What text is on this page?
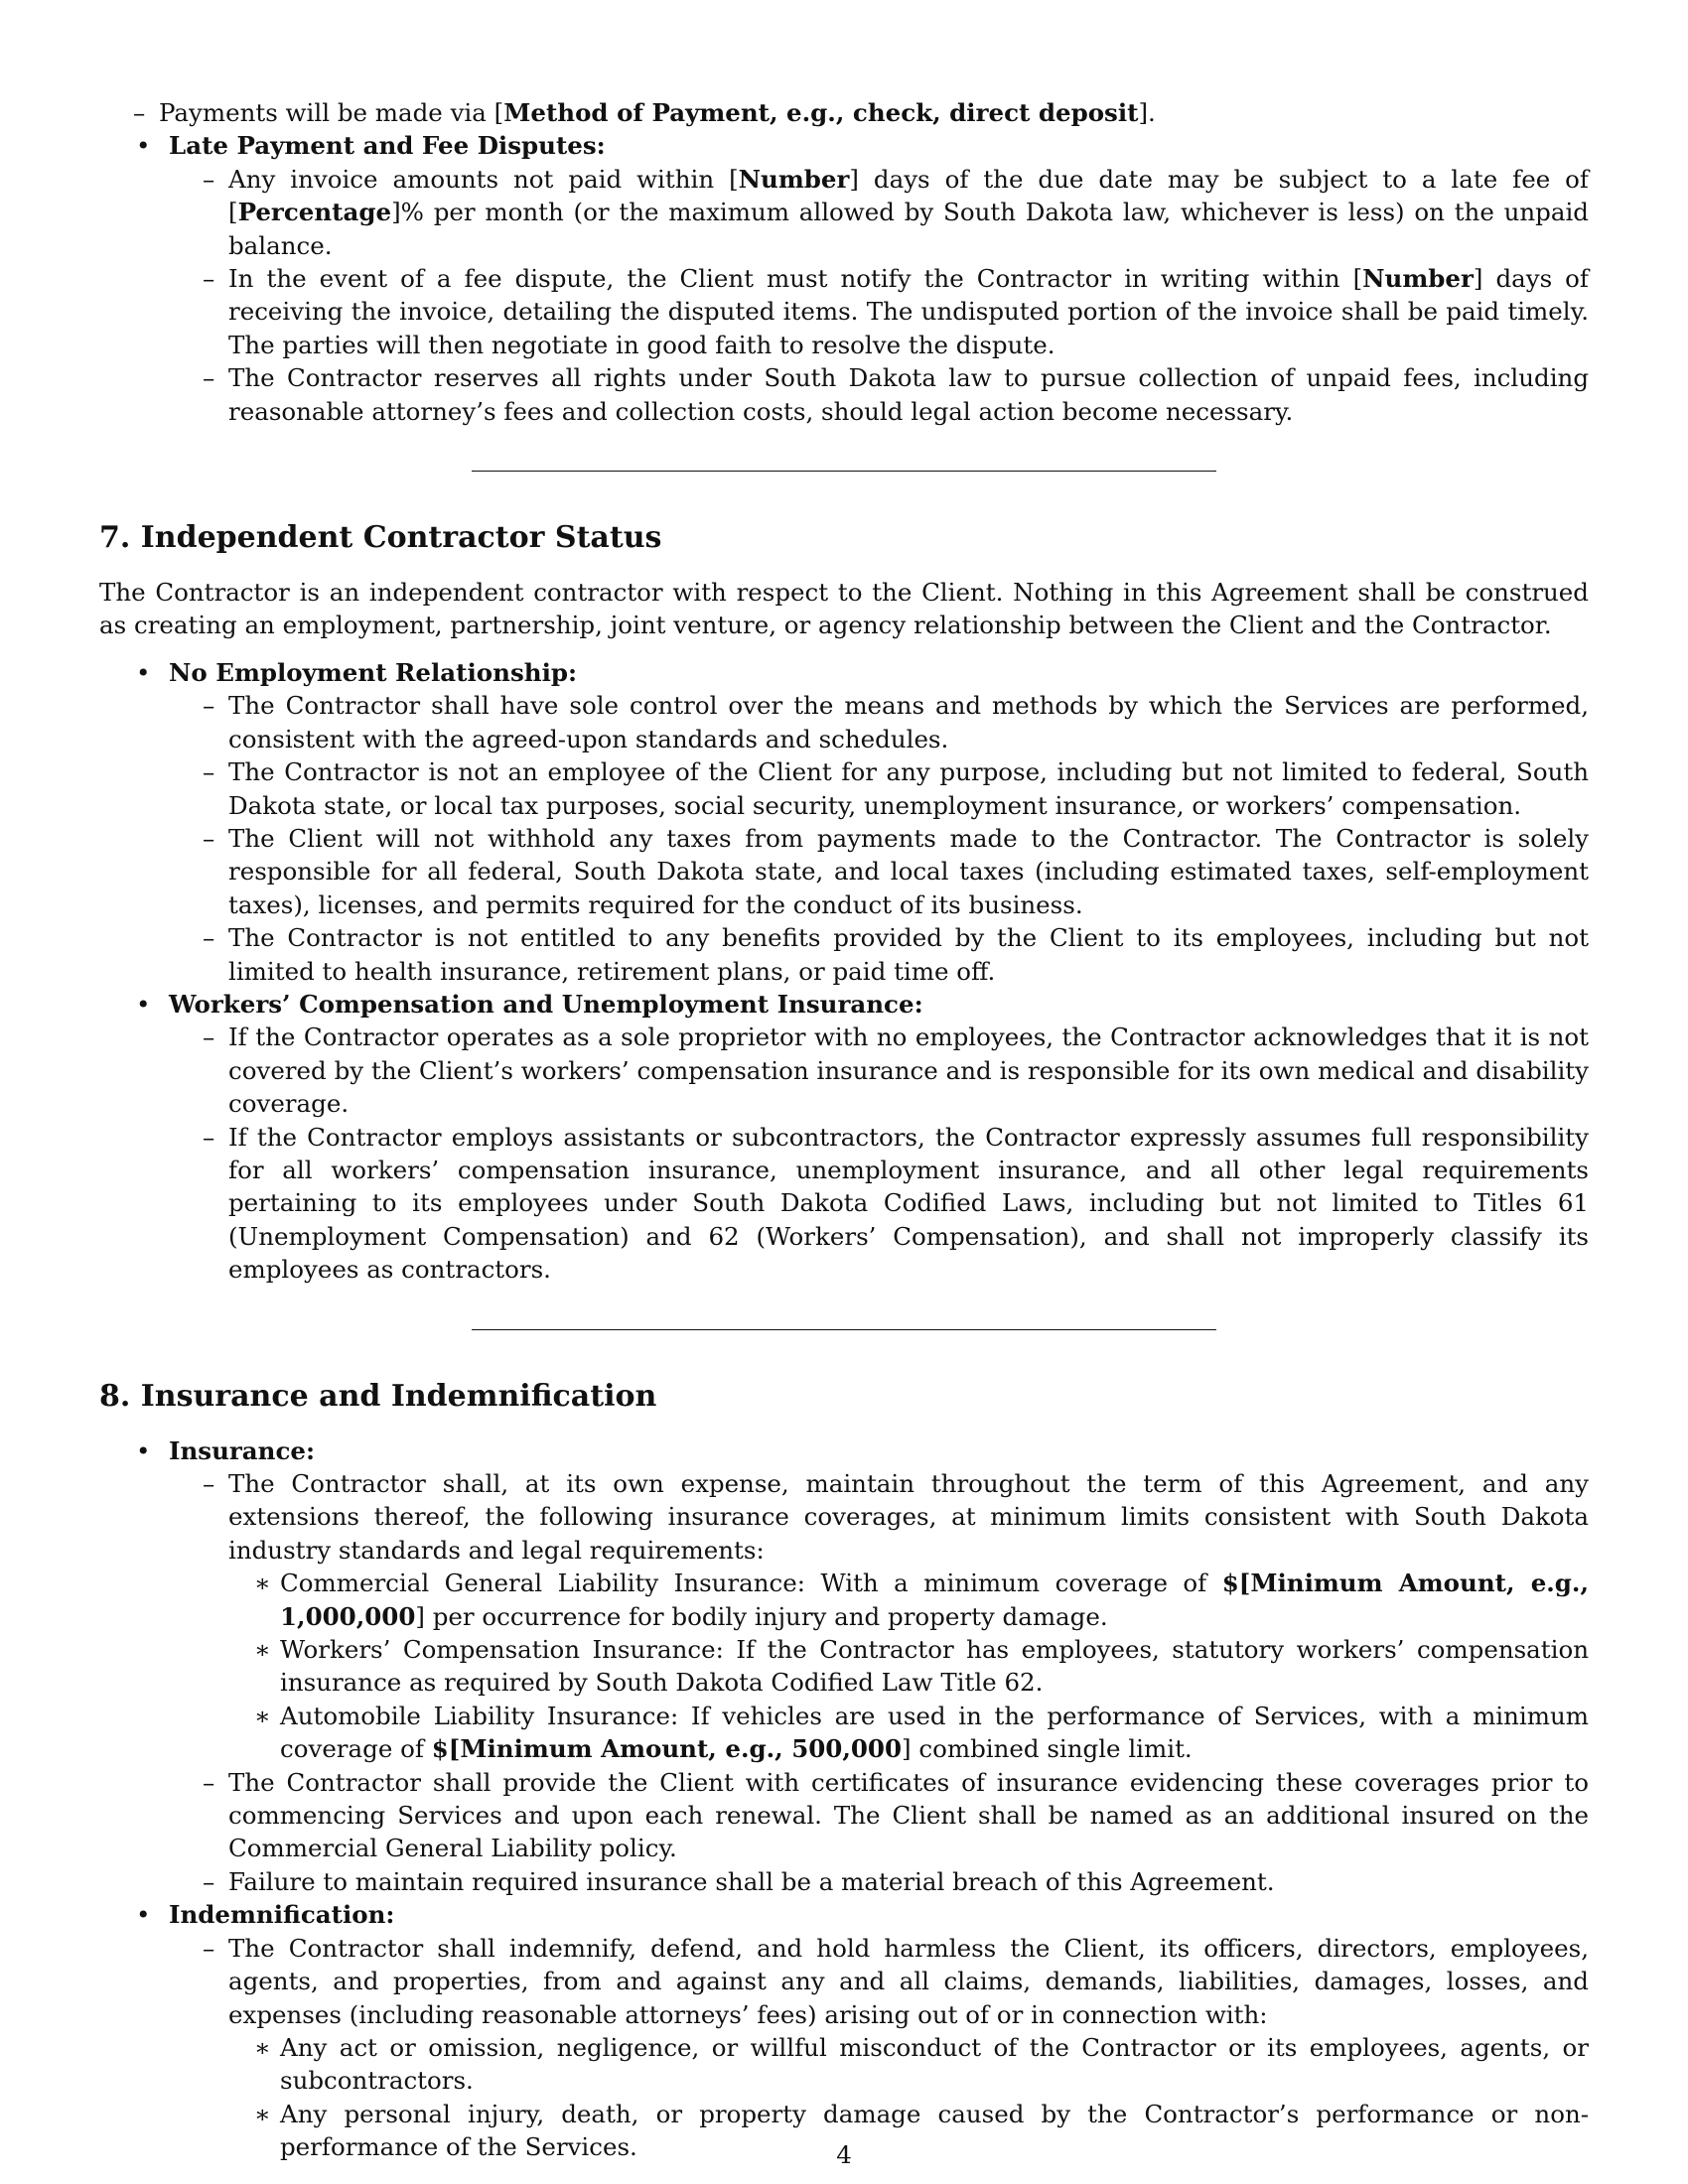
– Payments will be made via [Method of Payment, e.g., check, direct deposit].
• Late Payment and Fee Disputes:
– Any invoice amounts not paid within [Number] days of the due date may be subject to a late fee of [Percentage]% per month (or the maximum allowed by South Dakota law, whichever is less) on the unpaid balance.
– In the event of a fee dispute, the Client must notify the Contractor in writing within [Number] days of receiving the invoice, detailing the disputed items. The undisputed portion of the invoice shall be paid timely. The parties will then negotiate in good faith to resolve the dispute.
– The Contractor reserves all rights under South Dakota law to pursue collection of unpaid fees, including reasonable attorney’s fees and collection costs, should legal action become necessary.
7. Independent Contractor Status

The Contractor is an independent contractor with respect to the Client. Nothing in this Agreement shall be construed as creating an employment, partnership, joint venture, or agency relationship between the Client and the Contractor.

• No Employment Relationship:
– The Contractor shall have sole control over the means and methods by which the Services are performed, consistent with the agreed-upon standards and schedules.
– The Contractor is not an employee of the Client for any purpose, including but not limited to federal, South Dakota state, or local tax purposes, social security, unemployment insurance, or workers’ compensation.
– The Client will not withhold any taxes from payments made to the Contractor. The Contractor is solely responsible for all federal, South Dakota state, and local taxes (including estimated taxes, self-employment taxes), licenses, and permits required for the conduct of its business.
– The Contractor is not entitled to any benefits provided by the Client to its employees, including but not limited to health insurance, retirement plans, or paid time off.
• Workers’ Compensation and Unemployment Insurance:
– If the Contractor operates as a sole proprietor with no employees, the Contractor acknowledges that it is not covered by the Client’s workers’ compensation insurance and is responsible for its own medical and disability coverage.
– If the Contractor employs assistants or subcontractors, the Contractor expressly assumes full responsibility for all workers’ compensation insurance, unemployment insurance, and all other legal requirements pertaining to its employees under South Dakota Codified Laws, including but not limited to Titles 61 (Unemployment Compensation) and 62 (Workers’ Compensation), and shall not improperly classify its employees as contractors.
8. Insurance and Indemnification
• Insurance:
– The Contractor shall, at its own expense, maintain throughout the term of this Agreement, and any extensions thereof, the following insurance coverages, at minimum limits consistent with South Dakota industry standards and legal requirements:
∗ Commercial General Liability Insurance: With a minimum coverage of $[Minimum Amount, e.g., 1,000,000] per occurrence for bodily injury and property damage.
∗ Workers’ Compensation Insurance: If the Contractor has employees, statutory workers’ compensation insurance as required by South Dakota Codified Law Title 62.
∗ Automobile Liability Insurance: If vehicles are used in the performance of Services, with a minimum coverage of $[Minimum Amount, e.g., 500,000] combined single limit.
– The Contractor shall provide the Client with certificates of insurance evidencing these coverages prior to commencing Services and upon each renewal. The Client shall be named as an additional insured on the Commercial General Liability policy.
– Failure to maintain required insurance shall be a material breach of this Agreement.
• Indemnification:
– The Contractor shall indemnify, defend, and hold harmless the Client, its officers, directors, employees, agents, and properties, from and against any and all claims, demands, liabilities, damages, losses, and expenses (including reasonable attorneys’ fees) arising out of or in connection with:
∗ Any act or omission, negligence, or willful misconduct of the Contractor or its employees, agents, or subcontractors.
∗ Any personal injury, death, or property damage caused by the Contractor’s performance or non-performance of the Services.	4
